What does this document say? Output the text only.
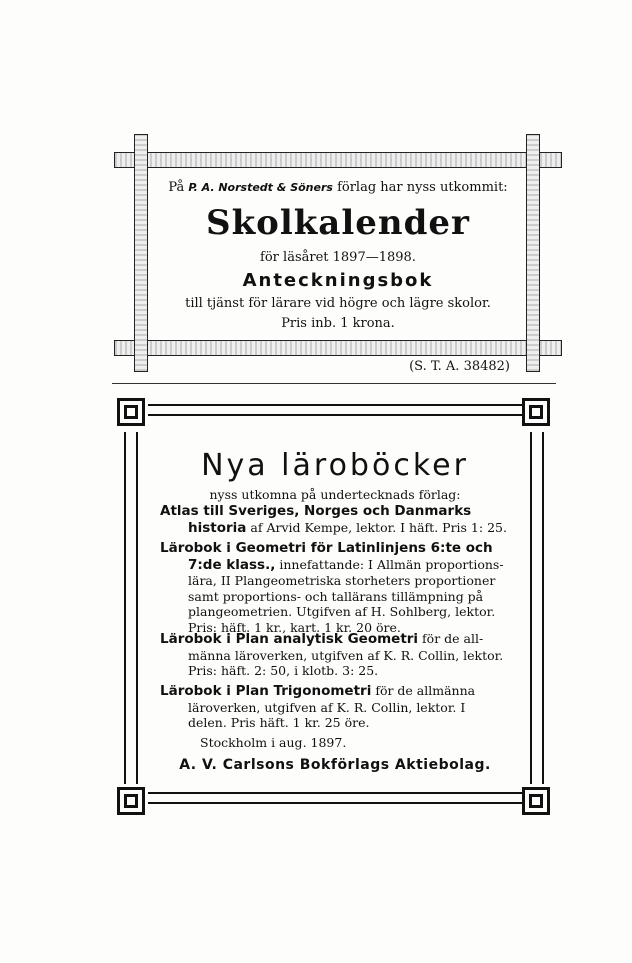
På P. A. Norstedt & Söners förlag har nyss utkommit:
Skolkalender
för läsåret 1897—1898.
Anteckningsbok
till tjänst för lärare vid högre och lägre skolor.
Pris inb. 1 krona.
(S. T. A. 38482)
Nya läroböcker
nyss utkomna på undertecknads förlag:
Atlas till Sveriges, Norges och Danmarks
historia af Arvid Kempe, lektor. I häft. Pris 1: 25.
Lärobok i Geometri för Latinlinjens 6:te och
7:de klass., innefattande: I Allmän proportions-
lära, II Plangeometriska storheters proportioner
samt proportions- och tallärans tillämpning på
plangeometrien. Utgifven af H. Sohlberg, lektor.
Pris: häft. 1 kr., kart. 1 kr. 20 öre.
Lärobok i Plan analytisk Geometri för de all-
männa läroverken, utgifven af K. R. Collin, lektor.
Pris: häft. 2: 50, i klotb. 3: 25.
Lärobok i Plan Trigonometri för de allmänna
läroverken, utgifven af K. R. Collin, lektor. I
delen. Pris häft. 1 kr. 25 öre.
Stockholm i aug. 1897.
A. V. Carlsons Bokförlags Aktiebolag.
